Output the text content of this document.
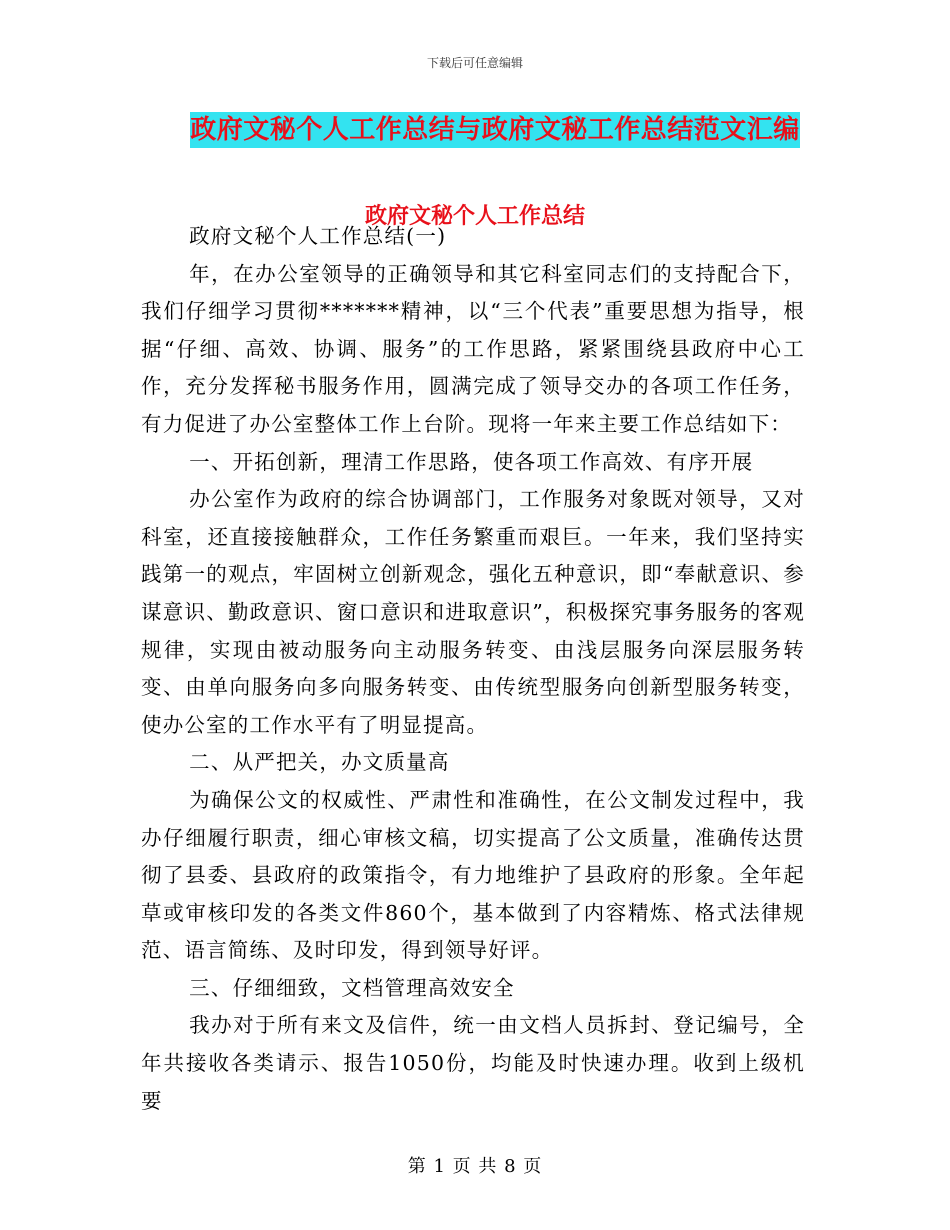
下载后可任意编辑
政府文秘个人工作总结与政府文秘工作总结范文汇编
政府文秘个人工作总结

政府文秘个人工作总结(一)

年，在办公室领导的正确领导和其它科室同志们的支持配合下，我们仔细学习贯彻*******精神，以“三个代表”重要思想为指导，根据“仔细、高效、协调、服务”的工作思路，紧紧围绕县政府中心工作，充分发挥秘书服务作用，圆满完成了领导交办的各项工作任务，有力促进了办公室整体工作上台阶。现将一年来主要工作总结如下：

一、开拓创新，理清工作思路，使各项工作高效、有序开展

办公室作为政府的综合协调部门，工作服务对象既对领导，又对科室，还直接接触群众，工作任务繁重而艰巨。一年来，我们坚持实践第一的观点，牢固树立创新观念，强化五种意识，即“奉献意识、参谋意识、勤政意识、窗口意识和进取意识”，积极探究事务服务的客观规律，实现由被动服务向主动服务转变、由浅层服务向深层服务转变、由单向服务向多向服务转变、由传统型服务向创新型服务转变，使办公室的工作水平有了明显提高。

二、从严把关，办文质量高

为确保公文的权威性、严肃性和准确性，在公文制发过程中，我办仔细履行职责，细心审核文稿，切实提高了公文质量，准确传达贯彻了县委、县政府的政策指令，有力地维护了县政府的形象。全年起草或审核印发的各类文件860个，基本做到了内容精炼、格式法律规范、语言简练、及时印发，得到领导好评。

三、仔细细致，文档管理高效安全

我办对于所有来文及信件，统一由文档人员拆封、登记编号，全年共接收各类请示、报告1050份，均能及时快速办理。收到上级机要

第 1 页 共 8 页
